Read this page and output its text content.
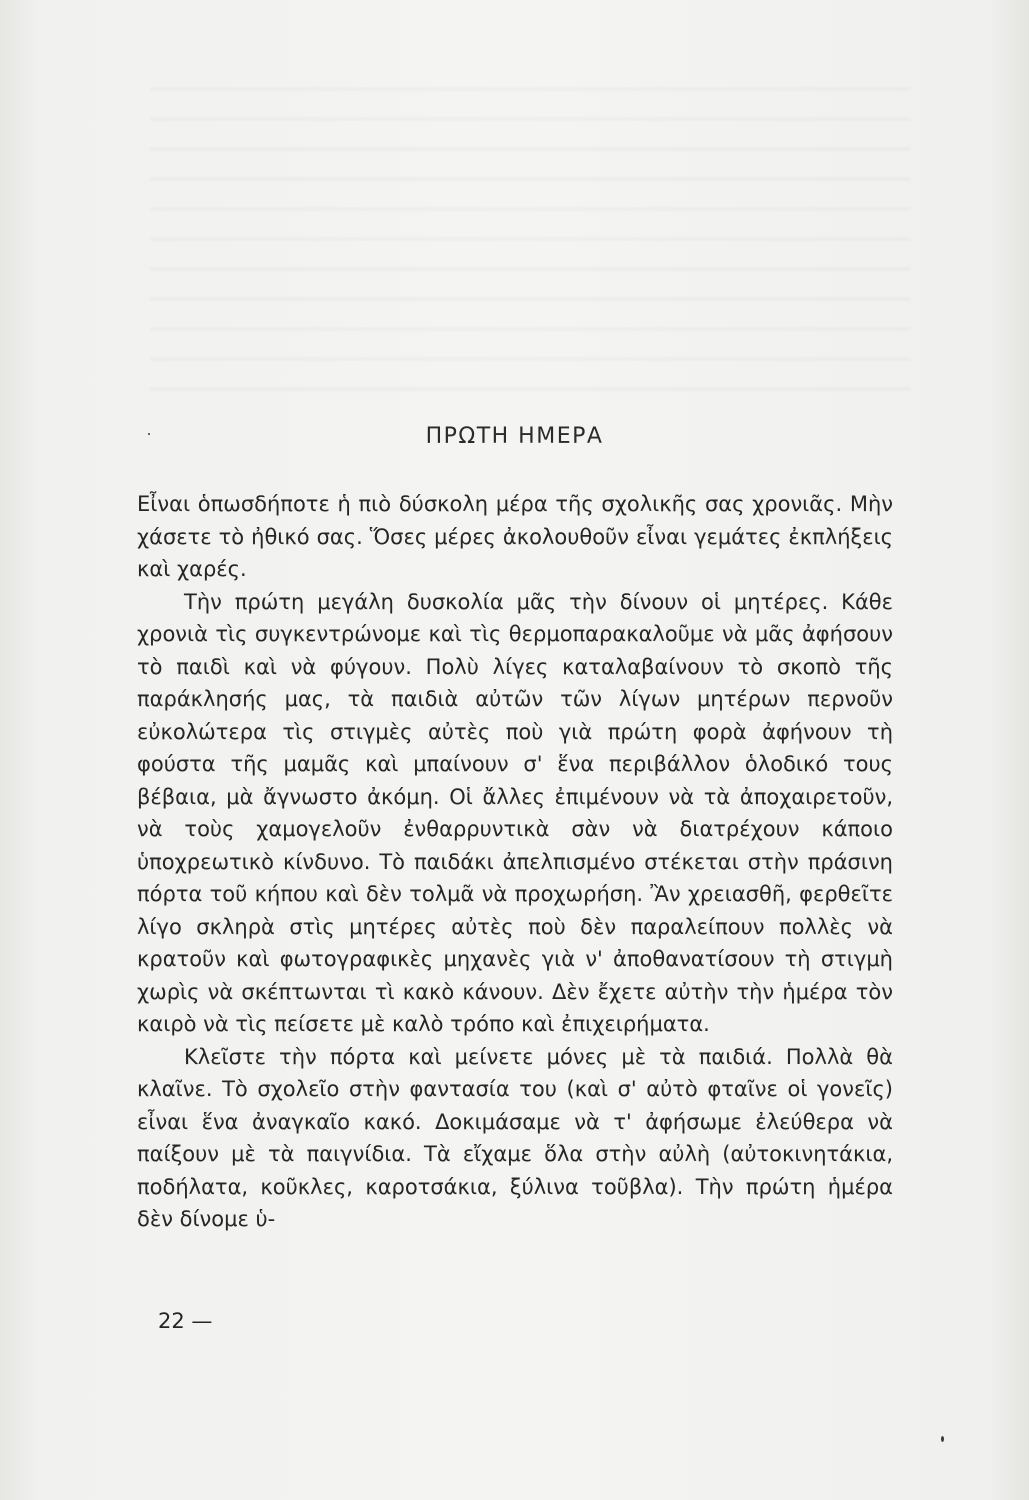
ΠΡΩΤΗ ΗΜΕΡΑ

Εἶναι ὁπωσδήποτε ἡ πιὸ δύσκολη μέρα τῆς σχολικῆς σας χρονιᾶς. Μὴν χάσετε τὸ ἠθικό σας. Ὅσες μέρες ἀκολουθοῦν εἶναι γεμάτες ἐκπλήξεις καὶ χαρές.

Τὴν πρώτη μεγάλη δυσκολία μᾶς τὴν δίνουν οἱ μητέρες. Κάθε χρονιὰ τὶς συγκεντρώνομε καὶ τὶς θερμοπαρακαλοῦμε νὰ μᾶς ἀφήσουν τὸ παιδὶ καὶ νὰ φύγουν. Πολὺ λίγες καταλαβαίνουν τὸ σκοπὸ τῆς παράκλησής μας, τὰ παιδιὰ αὐτῶν τῶν λίγων μητέρων περνοῦν εὐκολώτερα τὶς στιγμὲς αὐτὲς ποὺ γιὰ πρώτη φορὰ ἀφήνουν τὴ φούστα τῆς μαμᾶς καὶ μπαίνουν σ' ἕνα περιβάλλον ὁλοδικό τους βέβαια, μὰ ἄγνωστο ἀκόμη. Οἱ ἄλλες ἐπιμένουν νὰ τὰ ἀποχαιρετοῦν, νὰ τοὺς χαμογελοῦν ἐνθαρρυντικὰ σὰν νὰ διατρέχουν κάποιο ὑποχρεωτικὸ κίνδυνο. Τὸ παιδάκι ἀπελπισμένο στέκεται στὴν πράσινη πόρτα τοῦ κήπου καὶ δὲν τολμᾶ νὰ προχωρήση. Ἂν χρειασθῆ, φερθεῖτε λίγο σκληρὰ στὶς μητέρες αὐτὲς ποὺ δὲν παραλείπουν πολλὲς νὰ κρατοῦν καὶ φωτογραφικὲς μηχανὲς γιὰ ν' ἀποθανατίσουν τὴ στιγμὴ χωρὶς νὰ σκέπτωνται τὶ κακὸ κάνουν. Δὲν ἔχετε αὐτὴν τὴν ἡμέρα τὸν καιρὸ νὰ τὶς πείσετε μὲ καλὸ τρόπο καὶ ἐπιχειρήματα.

Κλεῖστε τὴν πόρτα καὶ μείνετε μόνες μὲ τὰ παιδιά. Πολλὰ θὰ κλαῖνε. Τὸ σχολεῖο στὴν φαντασία του (καὶ σ' αὐτὸ φταῖνε οἱ γονεῖς) εἶναι ἕνα ἀναγκαῖο κακό. Δοκιμάσαμε νὰ τ' ἀφήσωμε ἐλεύθερα νὰ παίξουν μὲ τὰ παιγνίδια. Τὰ εἴχαμε ὅλα στὴν αὐλὴ (αὐτοκινητάκια, ποδήλατα, κοῦκλες, καροτσάκια, ξύλινα τοῦβλα). Τὴν πρώτη ἡμέρα δὲν δίνομε ὑ-

22 —
